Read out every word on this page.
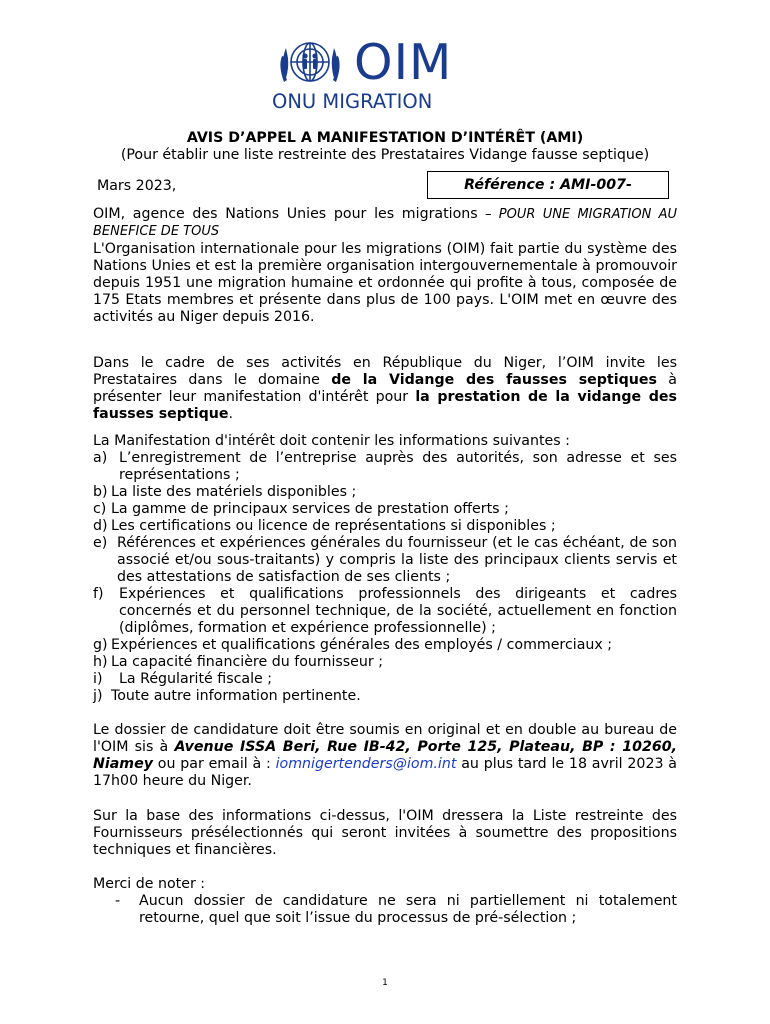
OIM
ONU MIGRATION
AVIS D’APPEL A MANIFESTATION D’INTÉRÊT (AMI)
(Pour établir une liste restreinte des Prestataires Vidange fausse septique)
Mars 2023,	Référence : AMI-007-
OIM, agence des Nations Unies pour les migrations – POUR UNE MIGRATION AU BENEFICE DE TOUS
L'Organisation internationale pour les migrations (OIM) fait partie du système des Nations Unies et est la première organisation intergouvernementale à promouvoir depuis 1951 une migration humaine et ordonnée qui profite à tous, composée de 175 Etats membres et présente dans plus de 100 pays. L'OIM met en œuvre des activités au Niger depuis 2016.
Dans le cadre de ses activités en République du Niger, l’OIM invite les Prestataires dans le domaine de la Vidange des fausses septiques à présenter leur manifestation d'intérêt pour la prestation de la vidange des fausses septique.
La Manifestation d'intérêt doit contenir les informations suivantes :
a) L’enregistrement de l’entreprise auprès des autorités, son adresse et ses représentations ;
b) La liste des matériels disponibles ;
c) La gamme de principaux services de prestation offerts ;
d) Les certifications ou licence de représentations si disponibles ;
e) Références et expériences générales du fournisseur (et le cas échéant, de son associé et/ou sous-traitants) y compris la liste des principaux clients servis et des attestations de satisfaction de ses clients ;
f) Expériences et qualifications professionnels des dirigeants et cadres concernés et du personnel technique, de la société, actuellement en fonction (diplômes, formation et expérience professionnelle) ;
g) Expériences et qualifications générales des employés / commerciaux ;
h) La capacité financière du fournisseur ;
i) La Régularité fiscale ;
j) Toute autre information pertinente.
Le dossier de candidature doit être soumis en original et en double au bureau de l'OIM sis à Avenue ISSA Beri, Rue IB-42, Porte 125, Plateau, BP : 10260, Niamey ou par email à : iomnigertenders@iom.int au plus tard le 18 avril 2023 à 17h00 heure du Niger.
Sur la base des informations ci-dessus, l'OIM dressera la Liste restreinte des Fournisseurs présélectionnés qui seront invitées à soumettre des propositions techniques et financières.
Merci de noter :
- Aucun dossier de candidature ne sera ni partiellement ni totalement retourne, quel que soit l’issue du processus de pré-sélection ;
1
